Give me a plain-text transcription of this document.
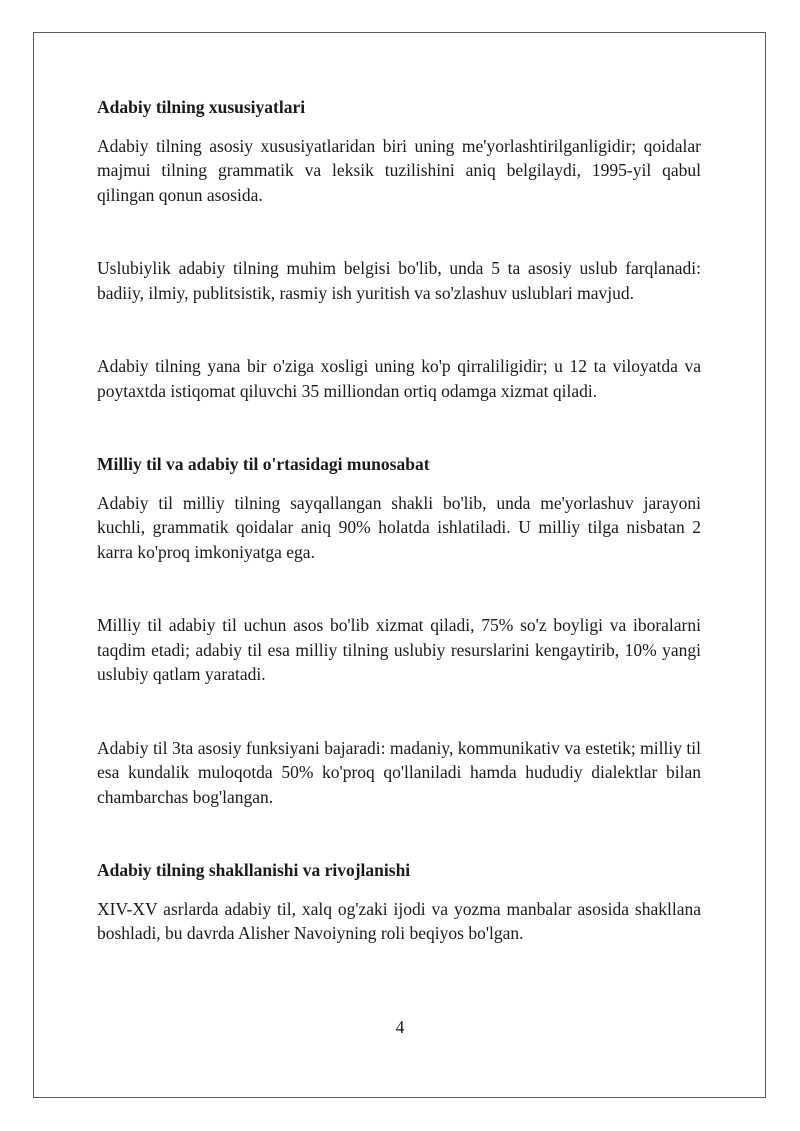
Adabiy tilning xususiyatlari

Adabiy tilning asosiy xususiyatlaridan biri uning me'yorlashtirilganligidir; qoidalar majmui tilning grammatik va leksik tuzilishini aniq belgilaydi, 1995-yil qabul qilingan qonun asosida.

Uslubiylik adabiy tilning muhim belgisi bo'lib, unda 5 ta asosiy uslub farqlanadi: badiiy, ilmiy, publitsistik, rasmiy ish yuritish va so'zlashuv uslublari mavjud.

Adabiy tilning yana bir o'ziga xosligi uning ko'p qirraliligidir; u 12 ta viloyatda va poytaxtda istiqomat qiluvchi 35 milliondan ortiq odamga xizmat qiladi.

Milliy til va adabiy til o'rtasidagi munosabat

Adabiy til milliy tilning sayqallangan shakli bo'lib, unda me'yorlashuv jarayoni kuchli, grammatik qoidalar aniq 90% holatda ishlatiladi. U milliy tilga nisbatan 2 karra ko'proq imkoniyatga ega.

Milliy til adabiy til uchun asos bo'lib xizmat qiladi, 75% so'z boyligi va iboralarni taqdim etadi; adabiy til esa milliy tilning uslubiy resurslarini kengaytirib, 10% yangi uslubiy qatlam yaratadi.

Adabiy til 3ta asosiy funksiyani bajaradi: madaniy, kommunikativ va estetik; milliy til esa kundalik muloqotda 50% ko'proq qo'llaniladi hamda hududiy dialektlar bilan chambarchas bog'langan.

Adabiy tilning shakllanishi va rivojlanishi

XIV-XV asrlarda adabiy til, xalq og'zaki ijodi va yozma manbalar asosida shakllana boshladi, bu davrda Alisher Navoiyning roli beqiyos bo'lgan.

4
